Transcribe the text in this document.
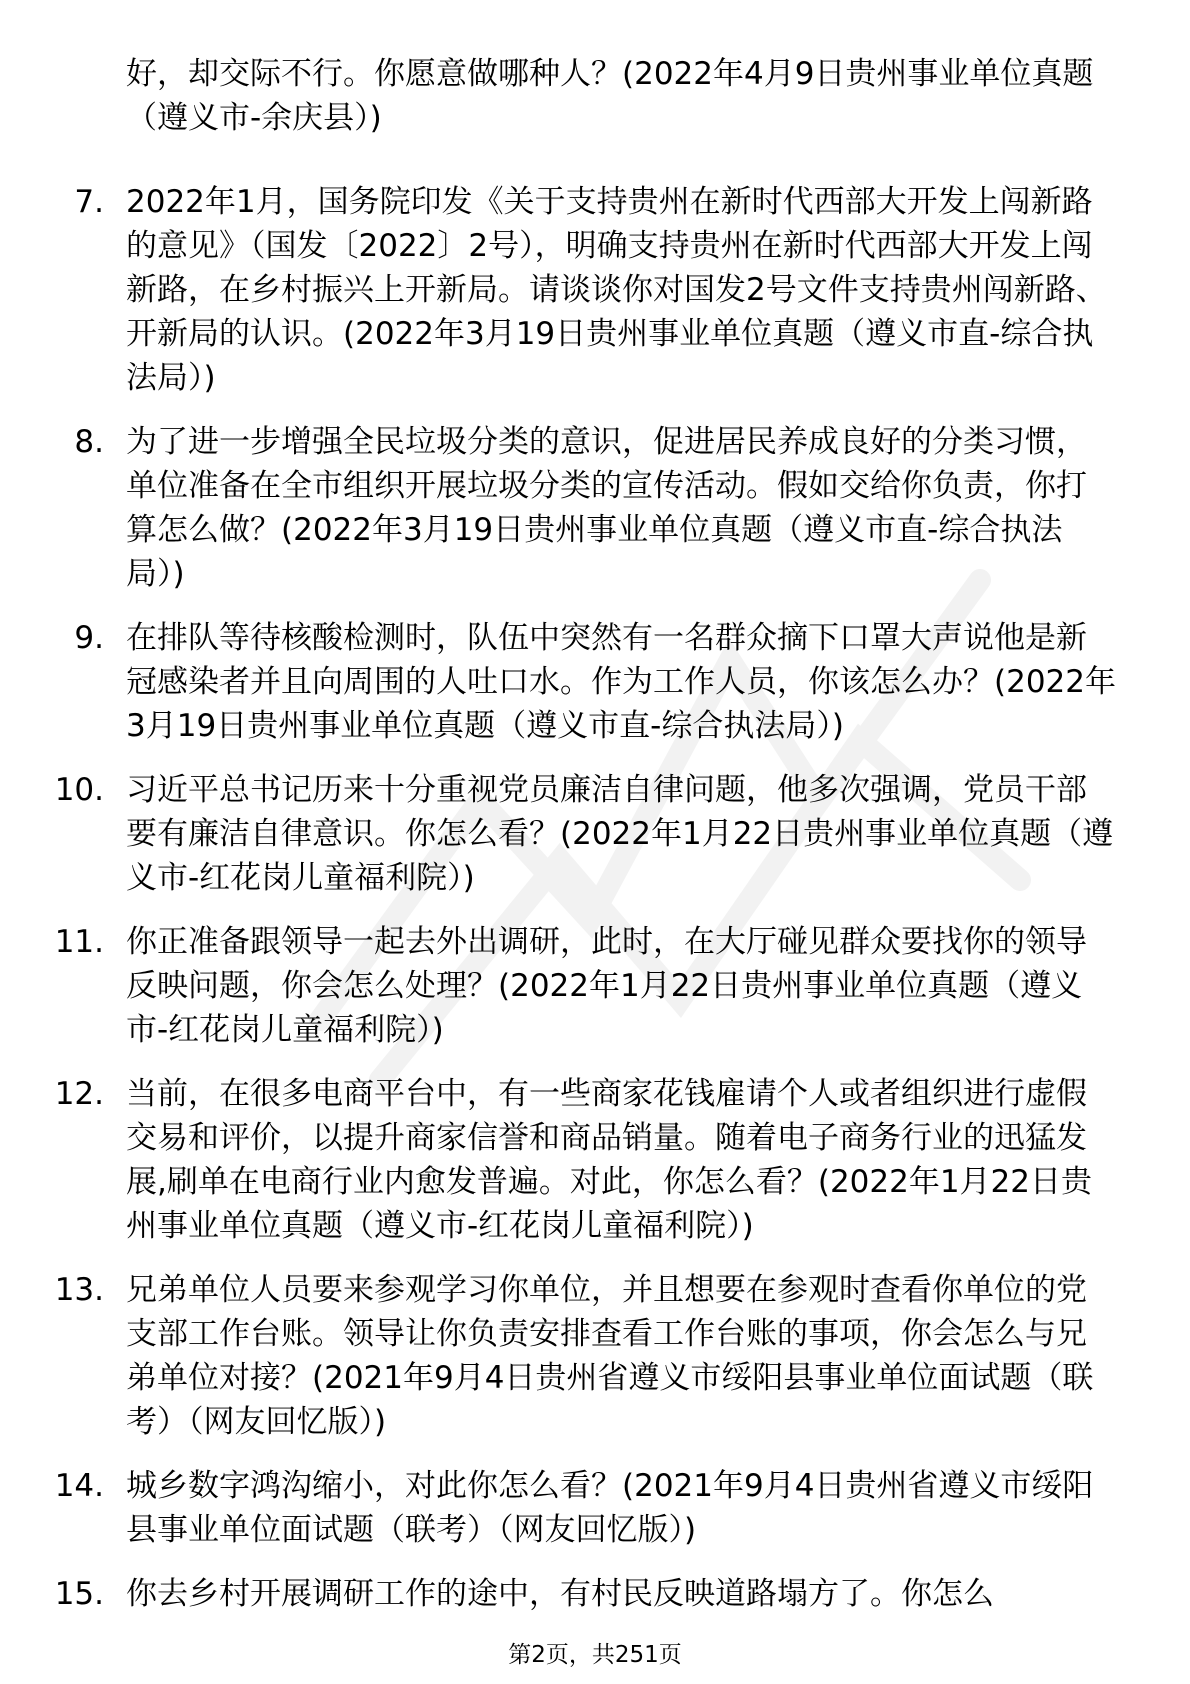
好，却交际不行。你愿意做哪种人？(2022年4月9日贵州事业单位真题（遵义市-余庆县）)
7. 2022年1月，国务院印发《关于支持贵州在新时代西部大开发上闯新路的意见》（国发〔2022〕2号），明确支持贵州在新时代西部大开发上闯新路，在乡村振兴上开新局。请谈谈你对国发2号文件支持贵州闯新路、开新局的认识。(2022年3月19日贵州事业单位真题（遵义市直-综合执法局）)
8. 为了进一步增强全民垃圾分类的意识，促进居民养成良好的分类习惯，单位准备在全市组织开展垃圾分类的宣传活动。假如交给你负责，你打算怎么做？(2022年3月19日贵州事业单位真题（遵义市直-综合执法局）)
9. 在排队等待核酸检测时，队伍中突然有一名群众摘下口罩大声说他是新冠感染者并且向周围的人吐口水。作为工作人员，你该怎么办？(2022年3月19日贵州事业单位真题（遵义市直-综合执法局）)
10. 习近平总书记历来十分重视党员廉洁自律问题，他多次强调，党员干部要有廉洁自律意识。你怎么看？(2022年1月22日贵州事业单位真题（遵义市-红花岗儿童福利院）)
11. 你正准备跟领导一起去外出调研，此时，在大厅碰见群众要找你的领导反映问题，你会怎么处理？(2022年1月22日贵州事业单位真题（遵义市-红花岗儿童福利院）)
12. 当前，在很多电商平台中，有一些商家花钱雇请个人或者组织进行虚假交易和评价，以提升商家信誉和商品销量。随着电子商务行业的迅猛发展,刷单在电商行业内愈发普遍。对此，你怎么看？(2022年1月22日贵州事业单位真题（遵义市-红花岗儿童福利院）)
13. 兄弟单位人员要来参观学习你单位，并且想要在参观时查看你单位的党支部工作台账。领导让你负责安排查看工作台账的事项，你会怎么与兄弟单位对接？(2021年9月4日贵州省遵义市绥阳县事业单位面试题（联考）（网友回忆版）)
14. 城乡数字鸿沟缩小，对此你怎么看？(2021年9月4日贵州省遵义市绥阳县事业单位面试题（联考）（网友回忆版）)
15. 你去乡村开展调研工作的途中，有村民反映道路塌方了。你怎么
第2页，共251页
